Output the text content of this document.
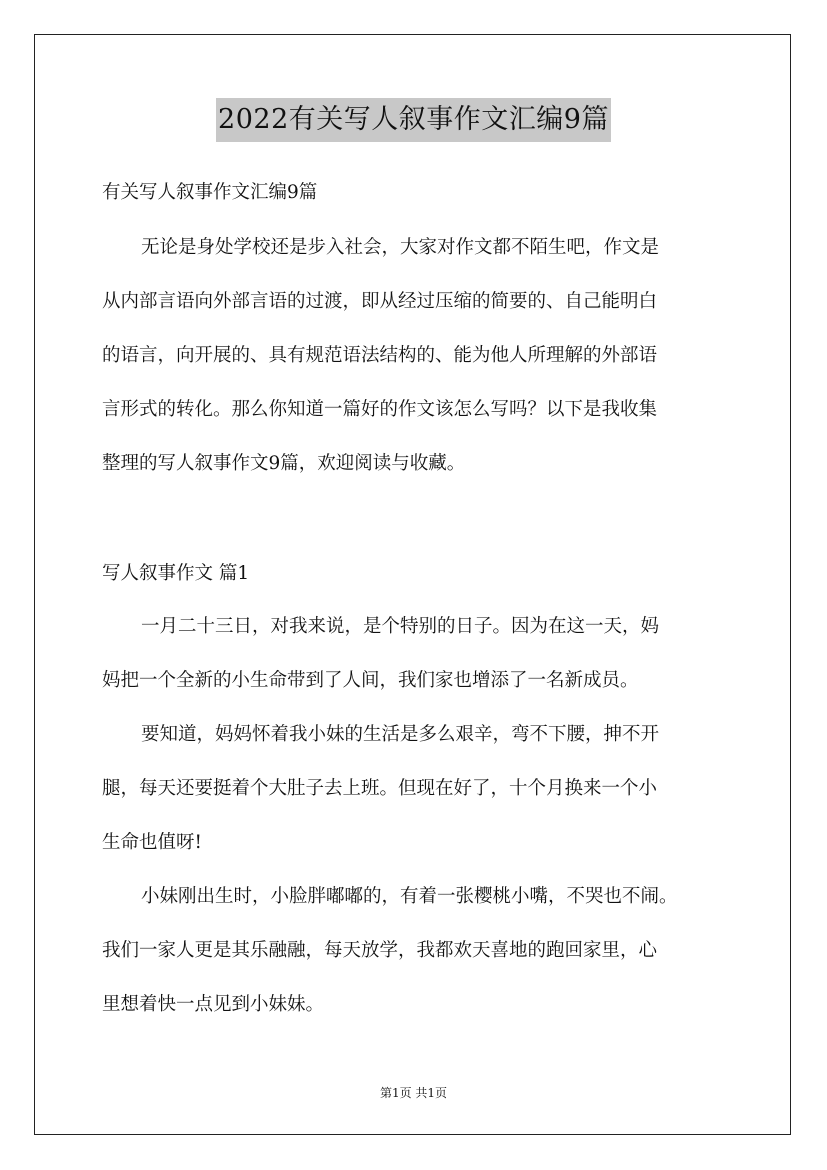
2022有关写人叙事作文汇编9篇
有关写人叙事作文汇编9篇
无论是身处学校还是步入社会，大家对作文都不陌生吧，作文是
从内部言语向外部言语的过渡，即从经过压缩的简要的、自己能明白
的语言，向开展的、具有规范语法结构的、能为他人所理解的外部语
言形式的转化。那么你知道一篇好的作文该怎么写吗？以下是我收集
整理的写人叙事作文9篇，欢迎阅读与收藏。
写人叙事作文 篇1
一月二十三日，对我来说，是个特别的日子。因为在这一天，妈
妈把一个全新的小生命带到了人间，我们家也增添了一名新成员。
要知道，妈妈怀着我小妹的生活是多么艰辛，弯不下腰，抻不开
腿，每天还要挺着个大肚子去上班。但现在好了，十个月换来一个小
生命也值呀!
小妹刚出生时，小脸胖嘟嘟的，有着一张樱桃小嘴，不哭也不闹。
我们一家人更是其乐融融，每天放学，我都欢天喜地的跑回家里，心
里想着快一点见到小妹妹。
第1页 共1页
